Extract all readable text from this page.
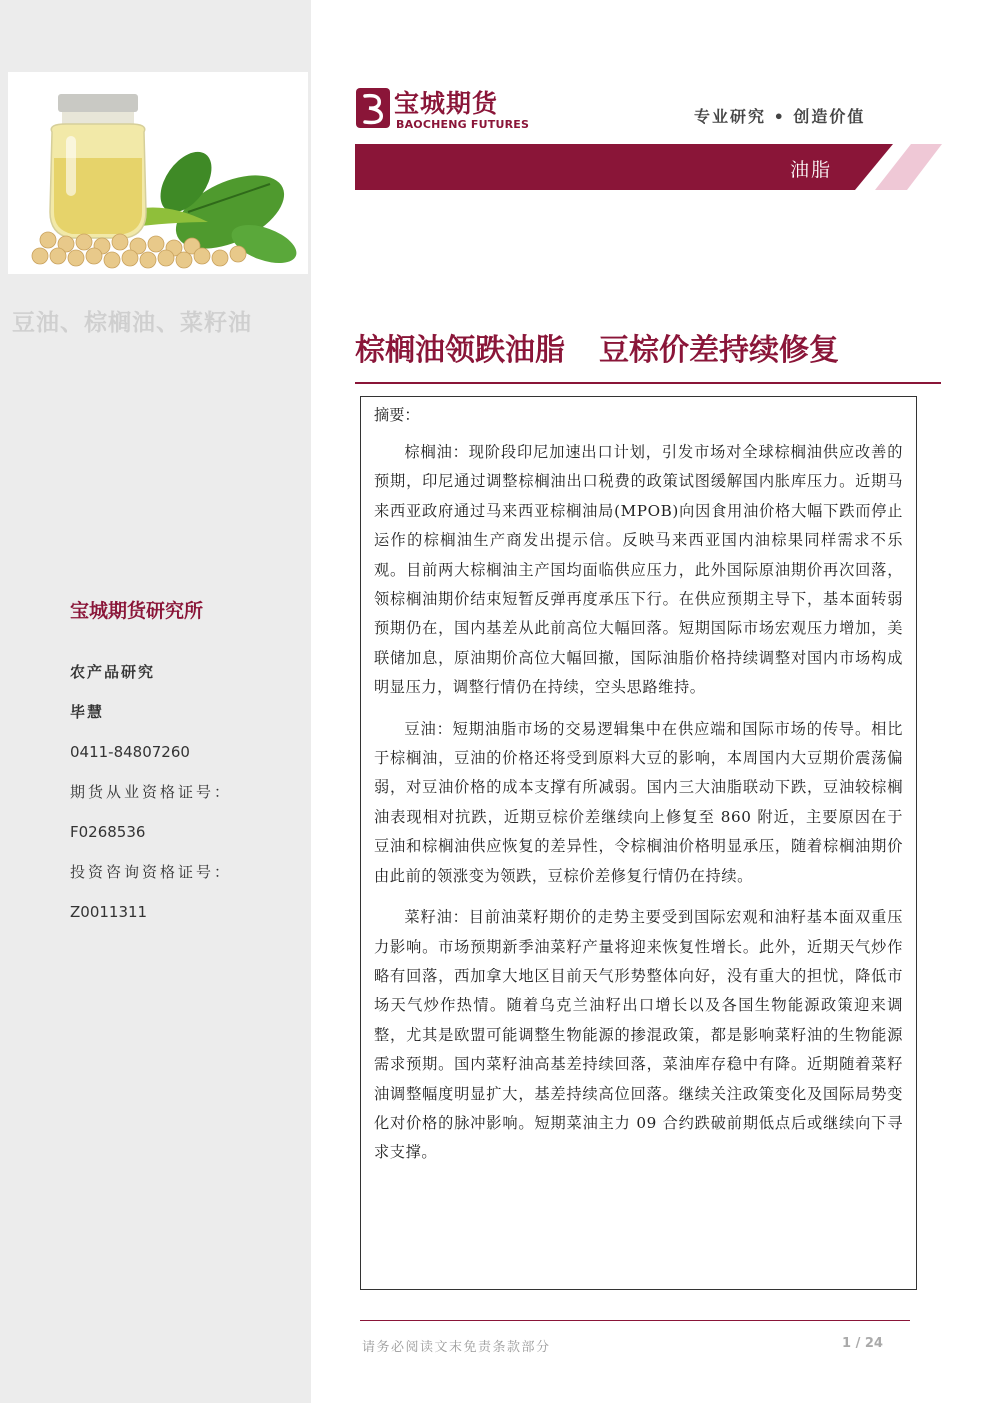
豆油、棕榈油、菜籽油
宝城期货研究所
农产品研究
毕慧
0411-84807260
期货从业资格证号：
F0268536
投资咨询资格证号：
Z0011311
宝城期货
BAOCHENG FUTURES	专业研究 • 创造价值
油脂
棕榈油领跌油脂 豆棕价差持续修复
摘要：

棕榈油：现阶段印尼加速出口计划，引发市场对全球棕榈油供应改善的预期，印尼通过调整棕榈油出口税费的政策试图缓解国内胀库压力。近期马来西亚政府通过马来西亚棕榈油局(MPOB)向因食用油价格大幅下跌而停止运作的棕榈油生产商发出提示信。反映马来西亚国内油棕果同样需求不乐观。目前两大棕榈油主产国均面临供应压力，此外国际原油期价再次回落，领棕榈油期价结束短暂反弹再度承压下行。在供应预期主导下，基本面转弱预期仍在，国内基差从此前高位大幅回落。短期国际市场宏观压力增加，美联储加息，原油期价高位大幅回撤，国际油脂价格持续调整对国内市场构成明显压力，调整行情仍在持续，空头思路维持。

豆油：短期油脂市场的交易逻辑集中在供应端和国际市场的传导。相比于棕榈油，豆油的价格还将受到原料大豆的影响，本周国内大豆期价震荡偏弱，对豆油价格的成本支撑有所减弱。国内三大油脂联动下跌，豆油较棕榈油表现相对抗跌，近期豆棕价差继续向上修复至 860 附近，主要原因在于豆油和棕榈油供应恢复的差异性，令棕榈油价格明显承压，随着棕榈油期价由此前的领涨变为领跌，豆棕价差修复行情仍在持续。

菜籽油：目前油菜籽期价的走势主要受到国际宏观和油籽基本面双重压力影响。市场预期新季油菜籽产量将迎来恢复性增长。此外，近期天气炒作略有回落，西加拿大地区目前天气形势整体向好，没有重大的担忧，降低市场天气炒作热情。随着乌克兰油籽出口增长以及各国生物能源政策迎来调整，尤其是欧盟可能调整生物能源的掺混政策，都是影响菜籽油的生物能源需求预期。国内菜籽油高基差持续回落，菜油库存稳中有降。近期随着菜籽油调整幅度明显扩大，基差持续高位回落。继续关注政策变化及国际局势变化对价格的脉冲影响。短期菜油主力 09 合约跌破前期低点后或继续向下寻求支撑。

请务必阅读文末免责条款部分	1 / 24
